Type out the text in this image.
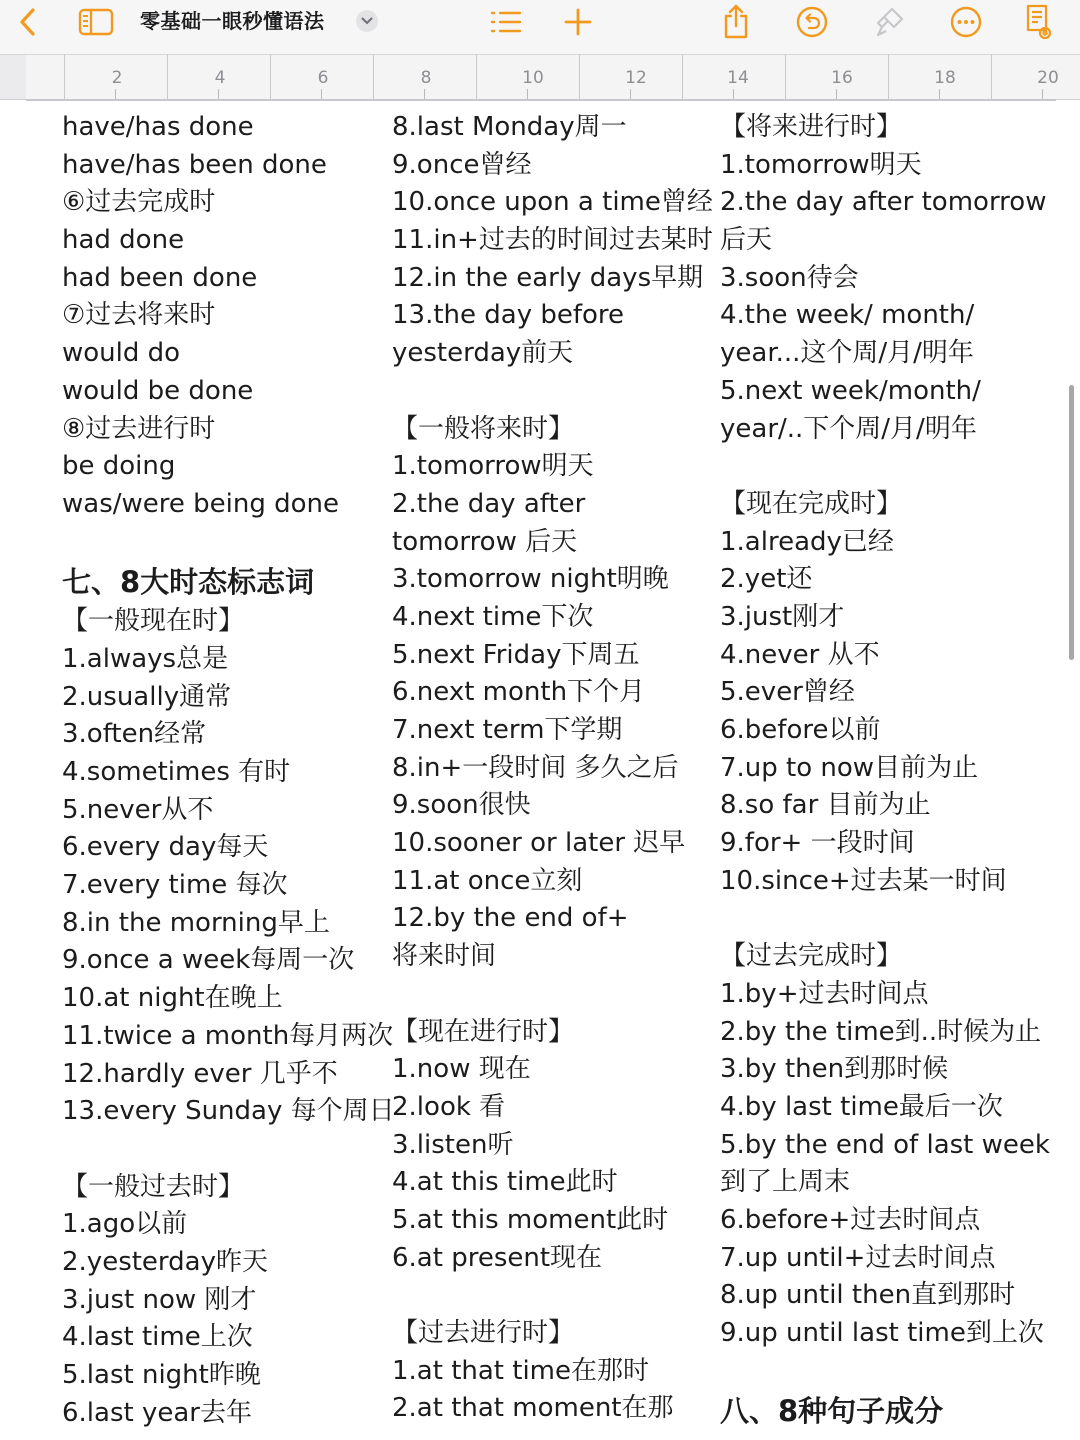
零基础一眼秒懂语法
2	4	6	8	10	12	14	16	18	20
have/has done
have/has been done
⑥过去完成时
had done
had been done
⑦过去将来时
would do
would be done
⑧过去进行时
be doing
was/were being done
七、8大时态标志词
【一般现在时】
1.always总是
2.usually通常
3.often经常
4.sometimes 有时
5.never从不
6.every day每天
7.every time 每次
8.in the morning早上
9.once a week每周一次
10.at night在晚上
11.twice a month每月两次
12.hardly ever 几乎不
13.every Sunday 每个周日
【一般过去时】
1.ago以前
2.yesterday昨天
3.just now 刚才
4.last time上次
5.last night昨晚
6.last year去年
8.last Monday周一
9.once曾经
10.once upon a time曾经
11.in+过去的时间过去某时
12.in the early days早期
13.the day before
yesterday前天
【一般将来时】
1.tomorrow明天
2.the day after
tomorrow 后天
3.tomorrow night明晚
4.next time下次
5.next Friday下周五
6.next month下个月
7.next term下学期
8.in+一段时间 多久之后
9.soon很快
10.sooner or later 迟早
11.at once立刻
12.by the end of+
将来时间
【现在进行时】
1.now 现在
2.look 看
3.listen听
4.at this time此时
5.at this moment此时
6.at present现在
【过去进行时】
1.at that time在那时
2.at that moment在那
【将来进行时】
1.tomorrow明天
2.the day after tomorrow
后天
3.soon待会
4.the week/ month/
year...这个周/月/明年
5.next week/month/
year/..下个周/月/明年
【现在完成时】
1.already已经
2.yet还
3.just刚才
4.never 从不
5.ever曾经
6.before以前
7.up to now目前为止
8.so far 目前为止
9.for+ 一段时间
10.since+过去某一时间
【过去完成时】
1.by+过去时间点
2.by the time到..时候为止
3.by then到那时候
4.by last time最后一次
5.by the end of last week
到了上周末
6.before+过去时间点
7.up until+过去时间点
8.up until then直到那时
9.up until last time到上次
八、8种句子成分
